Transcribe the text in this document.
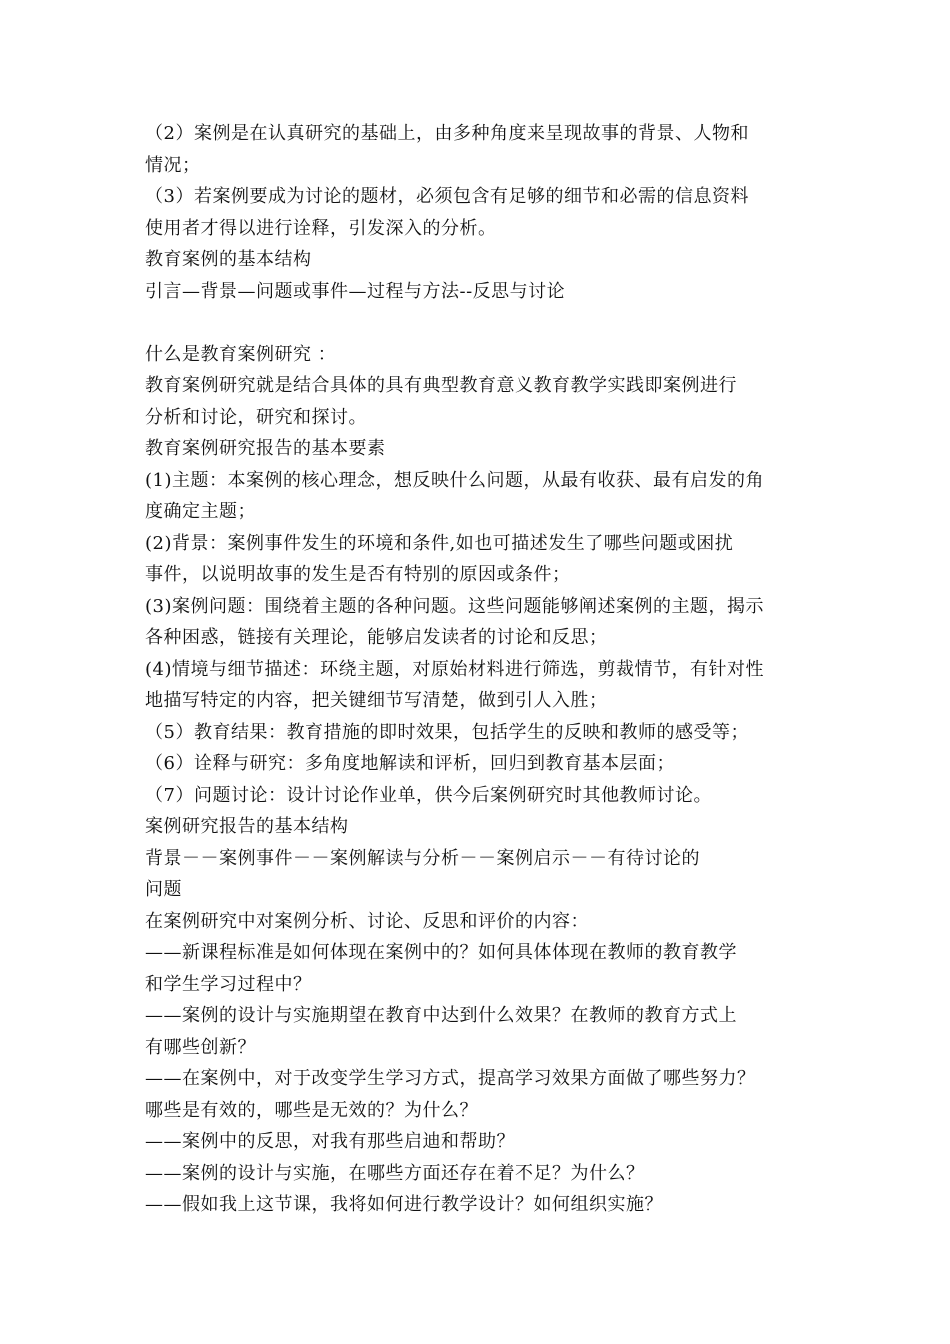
（2）案例是在认真研究的基础上，由多种角度来呈现故事的背景、人物和
情况；
（3）若案例要成为讨论的题材，必须包含有足够的细节和必需的信息资料
使用者才得以进行诠释，引发深入的分析。
教育案例的基本结构
引言—背景—问题或事件—过程与方法--反思与讨论
什么是教育案例研究 ：
教育案例研究就是结合具体的具有典型教育意义教育教学实践即案例进行
分析和讨论，研究和探讨。
教育案例研究报告的基本要素
(1)主题：本案例的核心理念，想反映什么问题，从最有收获、最有启发的角
度确定主题；
(2)背景：案例事件发生的环境和条件,如也可描述发生了哪些问题或困扰
事件，以说明故事的发生是否有特别的原因或条件；
(3)案例问题：围绕着主题的各种问题。这些问题能够阐述案例的主题，揭示
各种困惑，链接有关理论，能够启发读者的讨论和反思；
(4)情境与细节描述：环绕主题，对原始材料进行筛选，剪裁情节，有针对性
地描写特定的内容，把关键细节写清楚，做到引人入胜；
（5）教育结果：教育措施的即时效果，包括学生的反映和教师的感受等；
（6）诠释与研究：多角度地解读和评析，回归到教育基本层面；
（7）问题讨论：设计讨论作业单，供今后案例研究时其他教师讨论。
案例研究报告的基本结构
背景－－案例事件－－案例解读与分析－－案例启示－－有待讨论的
问题
在案例研究中对案例分析、讨论、反思和评价的内容：
——新课程标准是如何体现在案例中的？如何具体体现在教师的教育教学
和学生学习过程中？
——案例的设计与实施期望在教育中达到什么效果？在教师的教育方式上
有哪些创新？
——在案例中，对于改变学生学习方式，提高学习效果方面做了哪些努力？
哪些是有效的，哪些是无效的？为什么？
——案例中的反思，对我有那些启迪和帮助？
——案例的设计与实施，在哪些方面还存在着不足？为什么？
——假如我上这节课，我将如何进行教学设计？如何组织实施？
